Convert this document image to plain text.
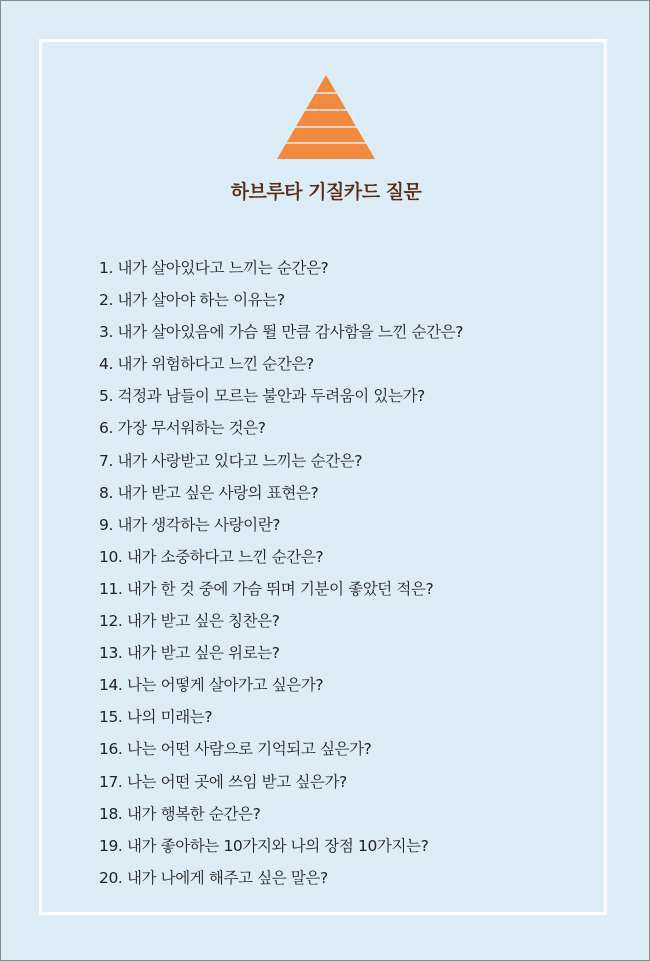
하브루타 기질카드 질문
1. 내가 살아있다고 느끼는 순간은?
2. 내가 살아야 하는 이유는?
3. 내가 살아있음에 가슴 뛸 만큼 감사함을 느낀 순간은?
4. 내가 위험하다고 느낀 순간은?
5. 걱정과 남들이 모르는 불안과 두려움이 있는가?
6. 가장 무서워하는 것은?
7. 내가 사랑받고 있다고 느끼는 순간은?
8. 내가 받고 싶은 사랑의 표현은?
9. 내가 생각하는 사랑이란?
10. 내가 소중하다고 느낀 순간은?
11. 내가 한 것 중에 가슴 뛰며 기분이 좋았던 적은?
12. 내가 받고 싶은 칭찬은?
13. 내가 받고 싶은 위로는?
14. 나는 어떻게 살아가고 싶은가?
15. 나의 미래는?
16. 나는 어떤 사람으로 기억되고 싶은가?
17. 나는 어떤 곳에 쓰임 받고 싶은가?
18. 내가 행복한 순간은?
19. 내가 좋아하는 10가지와 나의 장점 10가지는?
20. 내가 나에게 해주고 싶은 말은?
